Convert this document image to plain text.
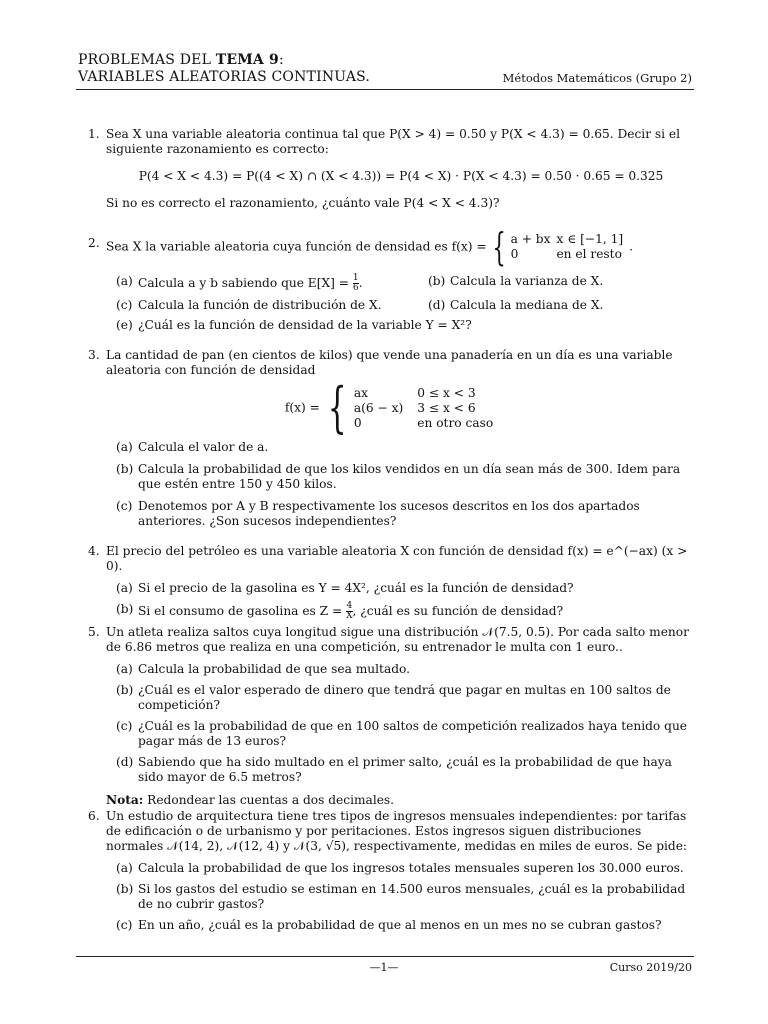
PROBLEMAS DEL TEMA 9:
VARIABLES ALEATORIAS CONTINUAS.	Métodos Matemáticos (Grupo 2)
1. Sea X una variable aleatoria continua tal que P(X > 4) = 0.50 y P(X < 4.3) = 0.65. Decir si el siguiente razonamiento es correcto:
P(4 < X < 4.3) = P((4 < X) ∩ (X < 4.3)) = P(4 < X) · P(X < 4.3) = 0.50 · 0.65 = 0.325
Si no es correcto el razonamiento, ¿cuánto vale P(4 < X < 4.3)?
2. Sea X la variable aleatoria cuya función de densidad es f(x) = { a + bx	x ∈ [−1, 1]
0	en el resto.
(a) Calcula a y b sabiendo que $E[X] = \frac{1}{6}$ .	(b) Calcula la varianza de X.
(c) Calcula la función de distribución de X.	(d) Calcula la mediana de X.
(e) ¿Cuál es la función de densidad de la variable Y = X²?
3. La cantidad de pan (en cientos de kilos) que vende una panadería en un día es una variable aleatoria con función de densidad
f(x) = { ax	0 ≤ x < 3
a(6 − x)	3 ≤ x < 6
0	en otro caso
(a) Calcula el valor de a.
(b) Calcula la probabilidad de que los kilos vendidos en un día sean más de 300. Idem para que estén entre 150 y 450 kilos.
(c) Denotemos por A y B respectivamente los sucesos descritos en los dos apartados anteriores. ¿Son sucesos independientes?
4. El precio del petróleo es una variable aleatoria X con función de densidad f(x) = e^(−ax) (x > 0).
(a) Si el precio de la gasolina es Y = 4X², ¿cuál es la función de densidad?
(b) Si el consumo de gasolina es $Z = \frac{4}{X}$ , ¿cuál es su función de densidad?
5. Un atleta realiza saltos cuya longitud sigue una distribución 𝒩(7.5, 0.5). Por cada salto menor de 6.86 metros que realiza en una competición, su entrenador le multa con 1 euro..
(a) Calcula la probabilidad de que sea multado.
(b) ¿Cuál es el valor esperado de dinero que tendrá que pagar en multas en 100 saltos de competición?
(c) ¿Cuál es la probabilidad de que en 100 saltos de competición realizados haya tenido que pagar más de 13 euros?
(d) Sabiendo que ha sido multado en el primer salto, ¿cuál es la probabilidad de que haya sido mayor de 6.5 metros?
Nota: Redondear las cuentas a dos decimales.
6. Un estudio de arquitectura tiene tres tipos de ingresos mensuales independientes: por tarifas de edificación o de urbanismo y por peritaciones. Estos ingresos siguen distribuciones normales 𝒩(14, 2), 𝒩(12, 4) y 𝒩(3, √5), respectivamente, medidas en miles de euros. Se pide:
(a) Calcula la probabilidad de que los ingresos totales mensuales superen los 30.000 euros.
(b) Si los gastos del estudio se estiman en 14.500 euros mensuales, ¿cuál es la probabilidad de no cubrir gastos?
(c) En un año, ¿cuál es la probabilidad de que al menos en un mes no se cubran gastos?
—1—	Curso 2019/20
